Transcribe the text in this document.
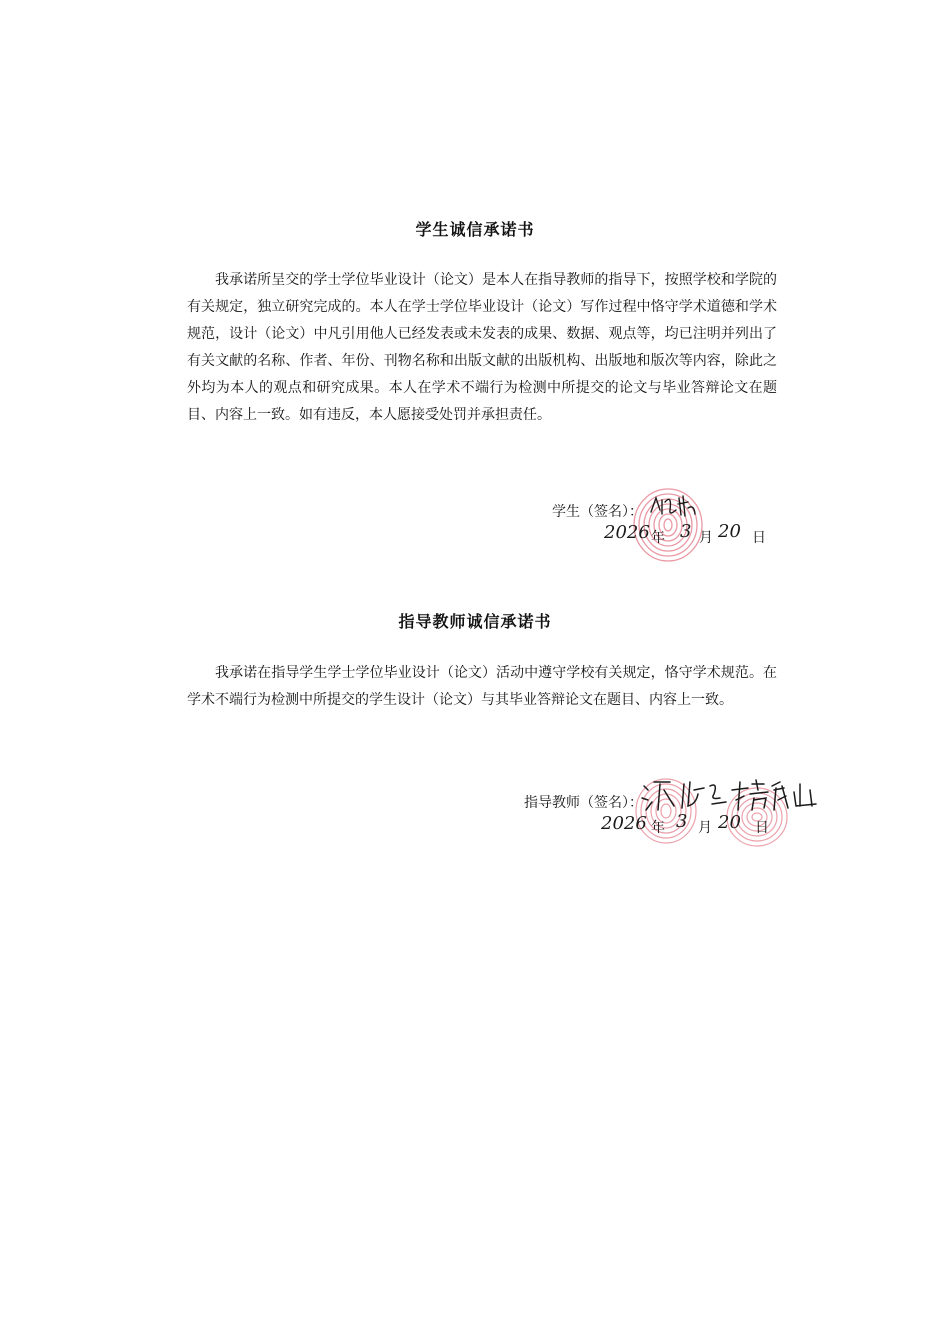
学生诚信承诺书

我承诺所呈交的学士学位毕业设计（论文）是本人在指导教师的指导下，按照学校和学院的有关规定，独立研究完成的。本人在学士学位毕业设计（论文）写作过程中恪守学术道德和学术规范，设计（论文）中凡引用他人已经发表或未发表的成果、数据、观点等，均已注明并列出了有关文献的名称、作者、年份、刊物名称和出版文献的出版机构、出版地和版次等内容，除此之外均为本人的观点和研究成果。本人在学术不端行为检测中所提交的论文与毕业答辩论文在题目、内容上一致。如有违反，本人愿接受处罚并承担责任。

学生（签名）：
2026 年 3 月 20 日
指导教师诚信承诺书

我承诺在指导学生学士学位毕业设计（论文）活动中遵守学校有关规定，恪守学术规范。在学术不端行为检测中所提交的学生设计（论文）与其毕业答辩论文在题目、内容上一致。

指导教师（签名）：
2026 年 3 月 20 日
